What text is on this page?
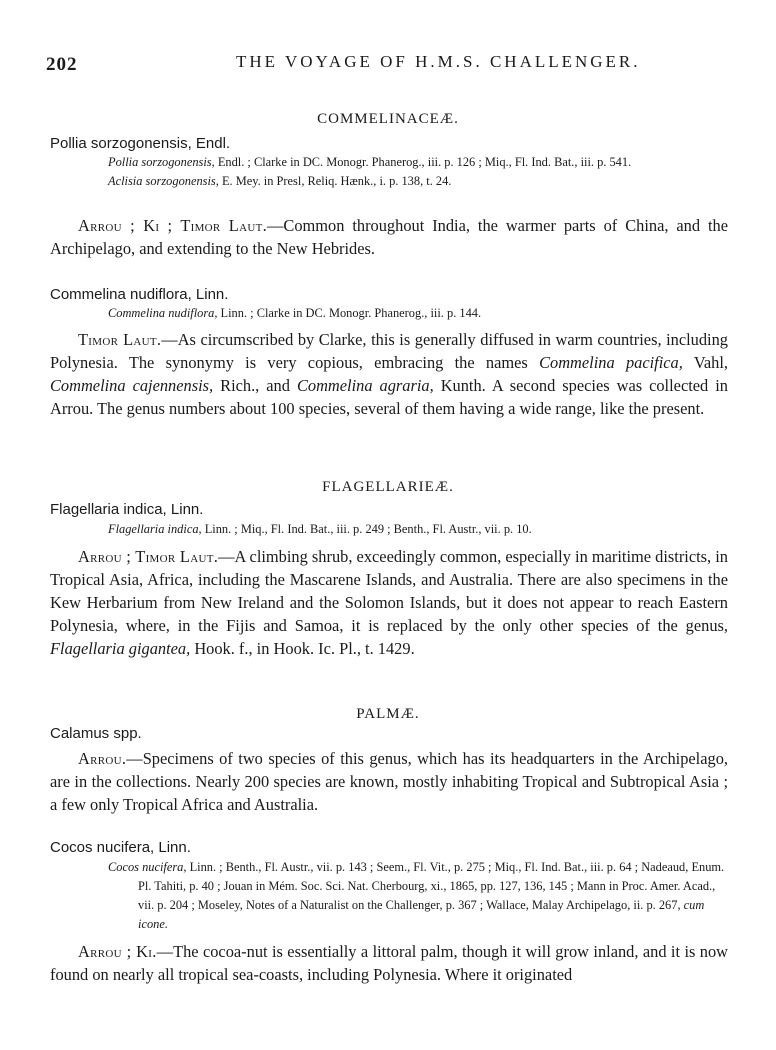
202	THE VOYAGE OF H.M.S. CHALLENGER.
COMMELINACEÆ.
Pollia sorzogonensis, Endl.
Pollia sorzogonensis, Endl. ; Clarke in DC. Monogr. Phanerog., iii. p. 126 ; Miq., Fl. Ind. Bat., iii. p. 541.
Aclisia sorzogonensis, E. Mey. in Presl, Reliq. Hænk., i. p. 138, t. 24.

Arrou ; Ki ; Timor Laut.—Common throughout India, the warmer parts of China, and the Archipelago, and extending to the New Hebrides.

Commelina nudiflora, Linn.
Commelina nudiflora, Linn. ; Clarke in DC. Monogr. Phanerog., iii. p. 144.

Timor Laut.—As circumscribed by Clarke, this is generally diffused in warm countries, including Polynesia. The synonymy is very copious, embracing the names Commelina pacifica, Vahl, Commelina cajennensis, Rich., and Commelina agraria, Kunth. A second species was collected in Arrou. The genus numbers about 100 species, several of them having a wide range, like the present.

FLAGELLARIEÆ.
Flagellaria indica, Linn.
Flagellaria indica, Linn. ; Miq., Fl. Ind. Bat., iii. p. 249 ; Benth., Fl. Austr., vii. p. 10.

Arrou ; Timor Laut.—A climbing shrub, exceedingly common, especially in maritime districts, in Tropical Asia, Africa, including the Mascarene Islands, and Australia. There are also specimens in the Kew Herbarium from New Ireland and the Solomon Islands, but it does not appear to reach Eastern Polynesia, where, in the Fijis and Samoa, it is replaced by the only other species of the genus, Flagellaria gigantea, Hook. f., in Hook. Ic. Pl., t. 1429.

PALMÆ.
Calamus spp.

Arrou.—Specimens of two species of this genus, which has its headquarters in the Archipelago, are in the collections. Nearly 200 species are known, mostly inhabiting Tropical and Subtropical Asia ; a few only Tropical Africa and Australia.

Cocos nucifera, Linn.
Cocos nucifera, Linn. ; Benth., Fl. Austr., vii. p. 143 ; Seem., Fl. Vit., p. 275 ; Miq., Fl. Ind. Bat., iii. p. 64 ; Nadeaud, Enum. Pl. Tahiti, p. 40 ; Jouan in Mém. Soc. Sci. Nat. Cherbourg, xi., 1865, pp. 127, 136, 145 ; Mann in Proc. Amer. Acad., vii. p. 204 ; Moseley, Notes of a Naturalist on the Challenger, p. 367 ; Wallace, Malay Archipelago, ii. p. 267, cum icone.

Arrou ; Ki.—The cocoa-nut is essentially a littoral palm, though it will grow inland, and it is now found on nearly all tropical sea-coasts, including Polynesia. Where it originated
